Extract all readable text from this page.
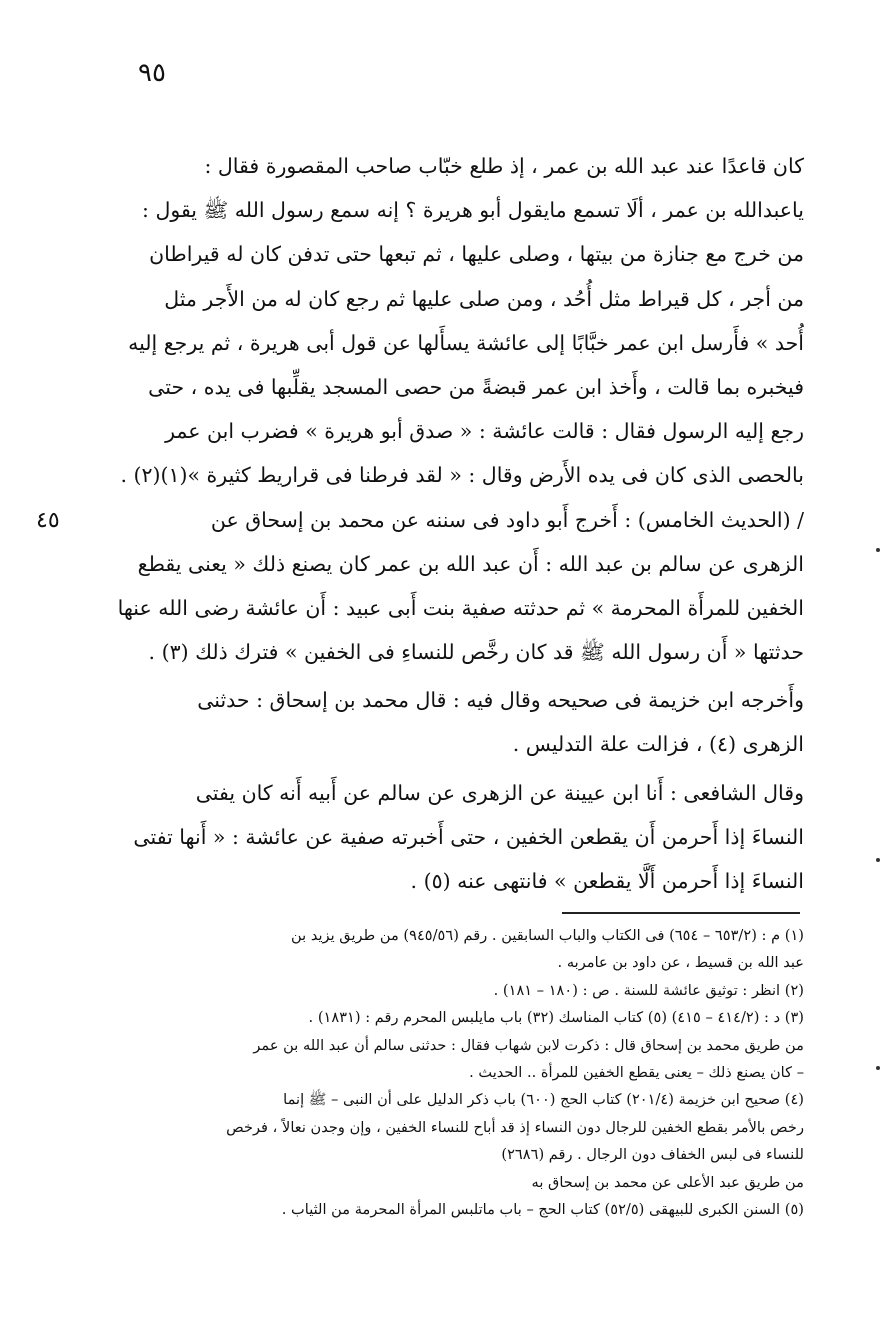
٩٥
٤٥
كان قاعدًا عند عبد الله بن عمر ، إذ طلع خبّاب صاحب المقصورة فقال :
ياعبدالله بن عمر ، ألَا تسمع مايقول أبو هريرة ؟ إنه سمع رسول الله ﷺ يقول :
من خرج مع جنازة من بيتها ، وصلى عليها ، ثم تبعها حتى تدفن كان له قيراطان
من أجر ، كل قيراط مثل أُحُد ، ومن صلى عليها ثم رجع كان له من الأَجر مثل
أُحد » فأَرسل ابن عمر خبَّابًا إلى عائشة يسأَلها عن قول أبى هريرة ، ثم يرجع إليه
فيخبره بما قالت ، وأَخذ ابن عمر قبضةً من حصى المسجد يقلِّبها فى يده ، حتى
رجع إليه الرسول فقال : قالت عائشة : « صدق أبو هريرة » فضرب ابن عمر
بالحصى الذى كان فى يده الأَرض وقال : « لقد فرطنا فى قراريط كثيرة »(١)(٢) .
/ (الحديث الخامس) : أَخرج أَبو داود فى سننه عن محمد بن إسحاق عن
الزهرى عن سالم بن عبد الله : أَن عبد الله بن عمر كان يصنع ذلك « يعنى يقطع
الخفين للمرأَة المحرمة » ثم حدثته صفية بنت أَبى عبيد : أَن عائشة رضى الله عنها
حدثتها « أَن رسول الله ﷺ قد كان رخَّص للنساءِ فى الخفين » فترك ذلك (٣) .
وأَخرجه ابن خزيمة فى صحيحه وقال فيه : قال محمد بن إسحاق : حدثنى
الزهرى (٤) ، فزالت علة التدليس .
وقال الشافعى : أَنا ابن عيينة عن الزهرى عن سالم عن أَبيه أَنه كان يفتى
النساءَ إذا أَحرمن أَن يقطعن الخفين ، حتى أَخبرته صفية عن عائشة : « أَنها تفتى
النساءَ إذا أَحرمن أَلَّا يقطعن » فانتهى عنه (٥) .
(١) م : (٦٥٣/٢ – ٦٥٤) فى الكتاب والباب السابقين . رقم (٩٤٥/٥٦) من طريق يزيد بن
عبد الله بن قسيط ، عن داود بن عامربه .
(٢) انظر : توثيق عائشة للسنة . ص : (١٨٠ – ١٨١) .
(٣) د : (٤١٤/٢ – ٤١٥) (٥) كتاب المناسك (٣٢) باب مايلبس المحرم رقم : (١٨٣١) .
من طريق محمد بن إسحاق قال : ذكرت لابن شهاب فقال : حدثنى سالم أن عبد الله بن عمر
– كان يصنع ذلك – يعنى يقطع الخفين للمرأة .. الحديث .
(٤) صحيح ابن خزيمة (٢٠١/٤) كتاب الحج (٦٠٠) باب ذكر الدليل على أن النبى – ﷺ إنما
رخص بالأمر بقطع الخفين للرجال دون النساء إذ قد أباح للنساء الخفين ، وإن وجدن نعالاً ، فرخص
للنساء فى لبس الخفاف دون الرجال . رقم (٢٦٨٦)
من طريق عبد الأعلى عن محمد بن إسحاق به
(٥) السنن الكبرى للبيهقى (٥٢/٥) كتاب الحج – باب ماتلبس المرأة المحرمة من الثياب .
